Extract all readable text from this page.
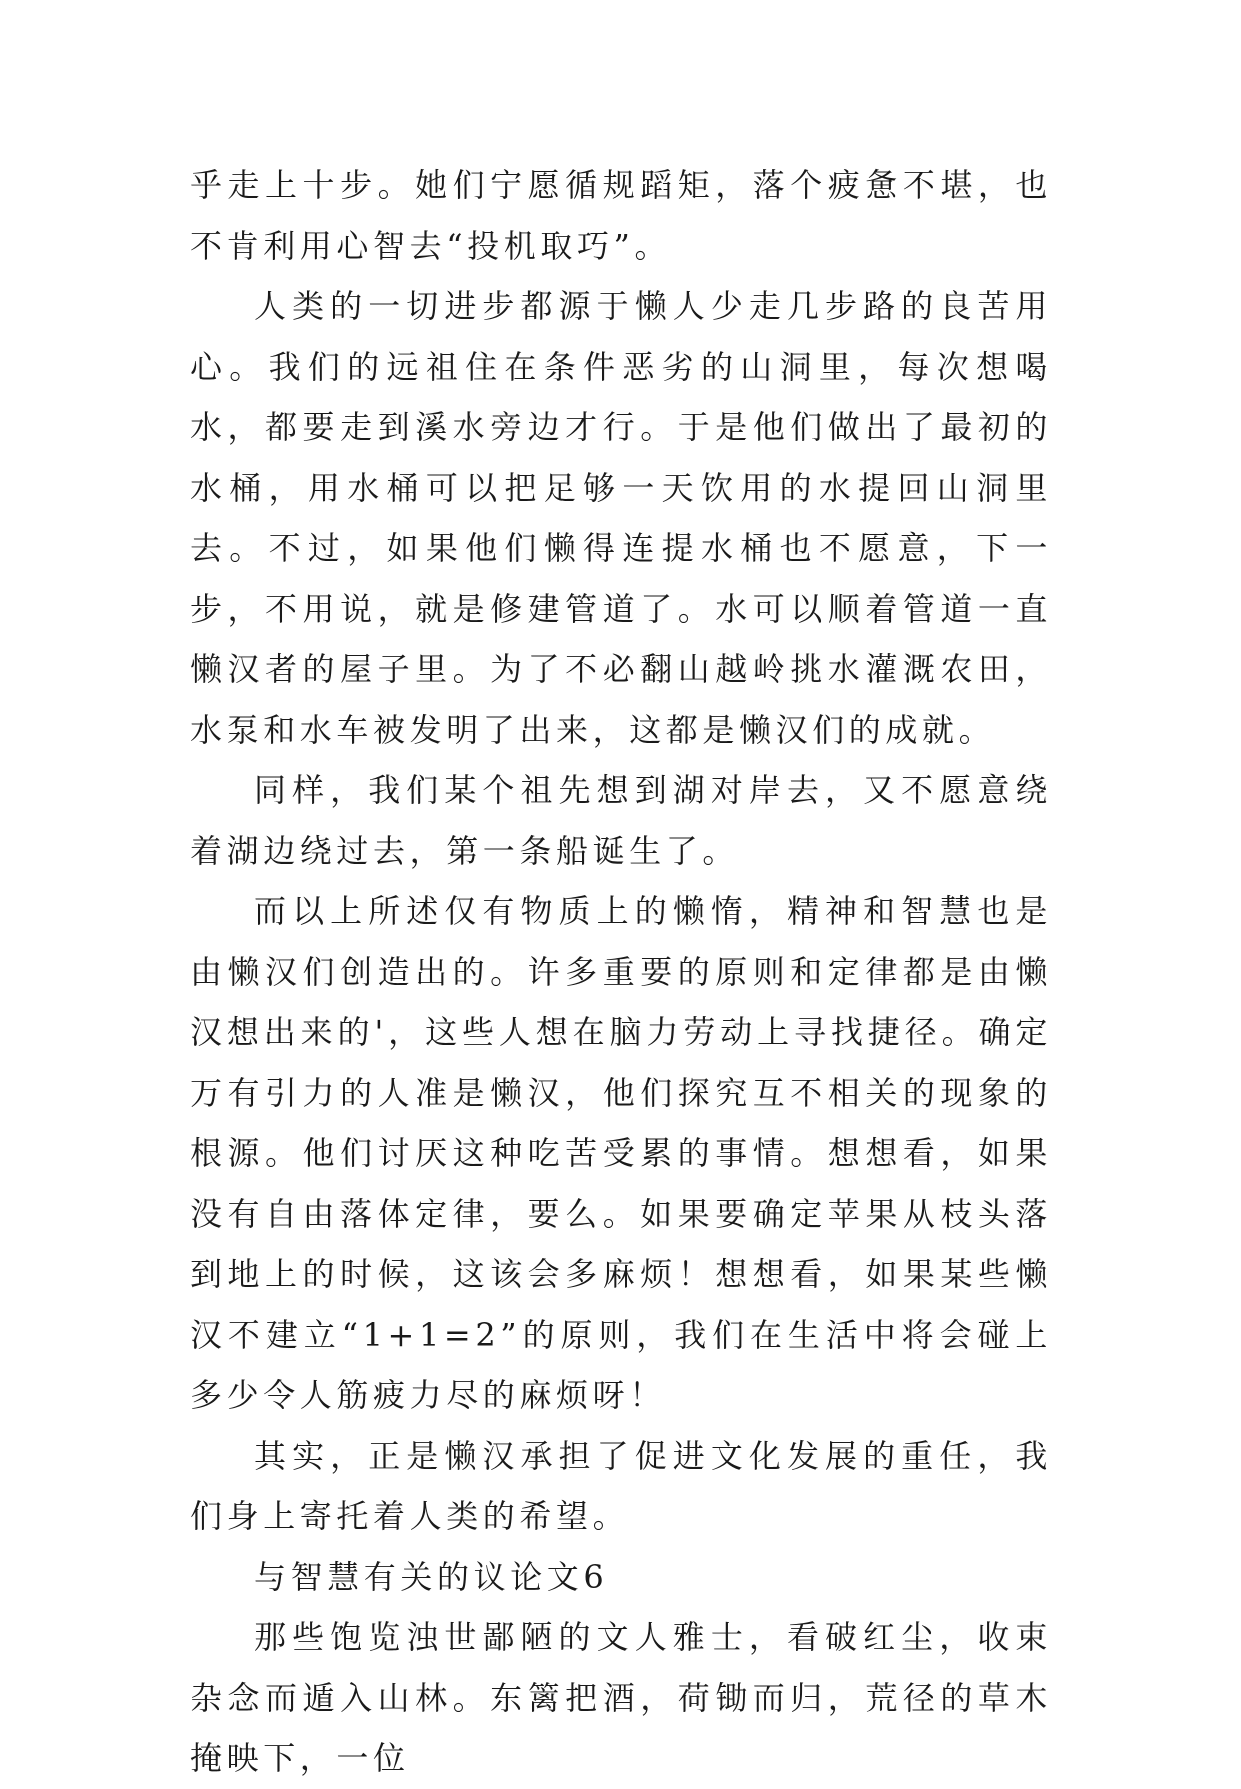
乎走上十步。她们宁愿循规蹈矩，落个疲惫不堪，也不肯利用心智去“投机取巧”。

人类的一切进步都源于懒人少走几步路的良苦用心。我们的远祖住在条件恶劣的山洞里，每次想喝水，都要走到溪水旁边才行。于是他们做出了最初的水桶，用水桶可以把足够一天饮用的水提回山洞里去。不过，如果他们懒得连提水桶也不愿意，下一步，不用说，就是修建管道了。水可以顺着管道一直懒汉者的屋子里。为了不必翻山越岭挑水灌溉农田，水泵和水车被发明了出来，这都是懒汉们的成就。

同样，我们某个祖先想到湖对岸去，又不愿意绕着湖边绕过去，第一条船诞生了。

而以上所述仅有物质上的懒惰，精神和智慧也是由懒汉们创造出的。许多重要的原则和定律都是由懒汉想出来的'，这些人想在脑力劳动上寻找捷径。确定万有引力的人准是懒汉，他们探究互不相关的现象的根源。他们讨厌这种吃苦受累的事情。想想看，如果没有自由落体定律，要么。如果要确定苹果从枝头落到地上的时候，这该会多麻烦！想想看，如果某些懒汉不建立“1+1=2”的原则，我们在生活中将会碰上多少令人筋疲力尽的麻烦呀！

其实，正是懒汉承担了促进文化发展的重任，我们身上寄托着人类的希望。

与智慧有关的议论文6

那些饱览浊世鄙陋的文人雅士，看破红尘，收束杂念而遁入山林。东篱把酒，荷锄而归，荒径的草木掩映下，一位
